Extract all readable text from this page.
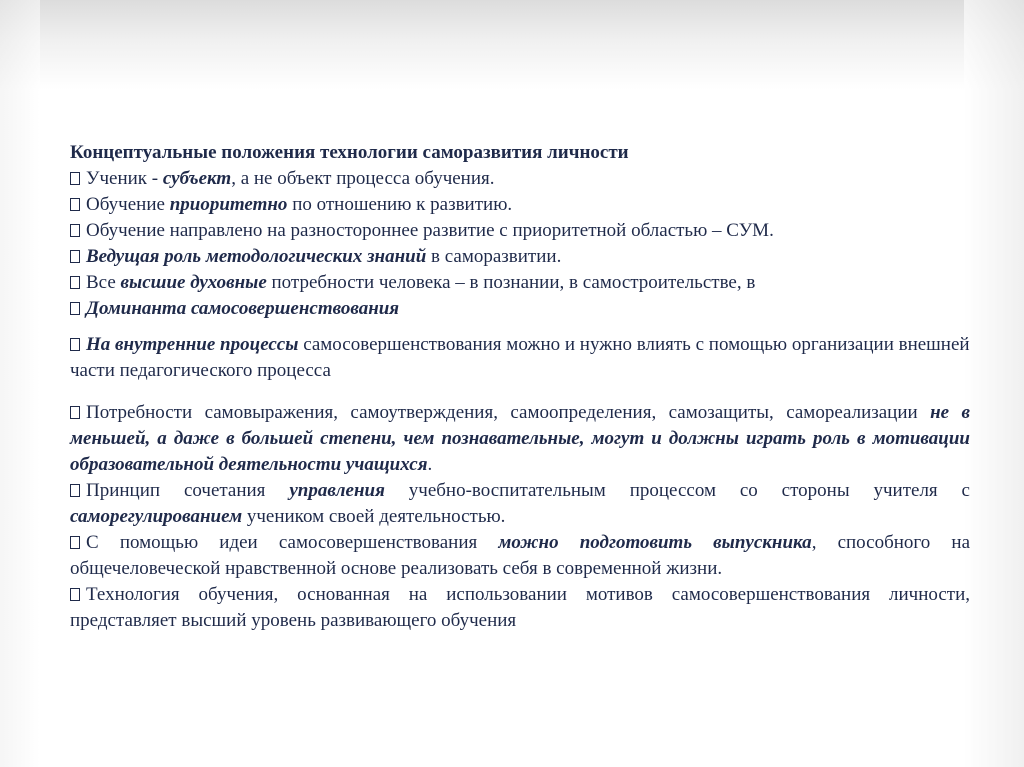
Концептуальные положения технологии саморазвития личности

Ученик - субъект, а не объект процесса обучения.

Обучение приоритетно по отношению к развитию.

Обучение направлено на разностороннее развитие с приоритетной областью – СУМ.

Ведущая роль методологических знаний в саморазвитии.

Все высшие духовные потребности человека – в познании, в самостроительстве, в

Доминанта самосовершенствования

На внутренние процессы самосовершенствования можно и нужно влиять с помощью организации внешней части педагогического процесса

Потребности самовыражения, самоутверждения, самоопределения, самозащиты, самореализации не в меньшей, а даже в большей степени, чем познавательные, могут и должны играть роль в мотивации образовательной деятельности учащихся.

Принцип сочетания управления учебно-воспитательным процессом со стороны учителя с саморегулированием учеником своей деятельностью.

С помощью идеи самосовершенствования можно подготовить выпускника, способного на общечеловеческой нравственной основе реализовать себя в современной жизни.

Технология обучения, основанная на использовании мотивов самосовершенствования личности, представляет высший уровень развивающего обучения
